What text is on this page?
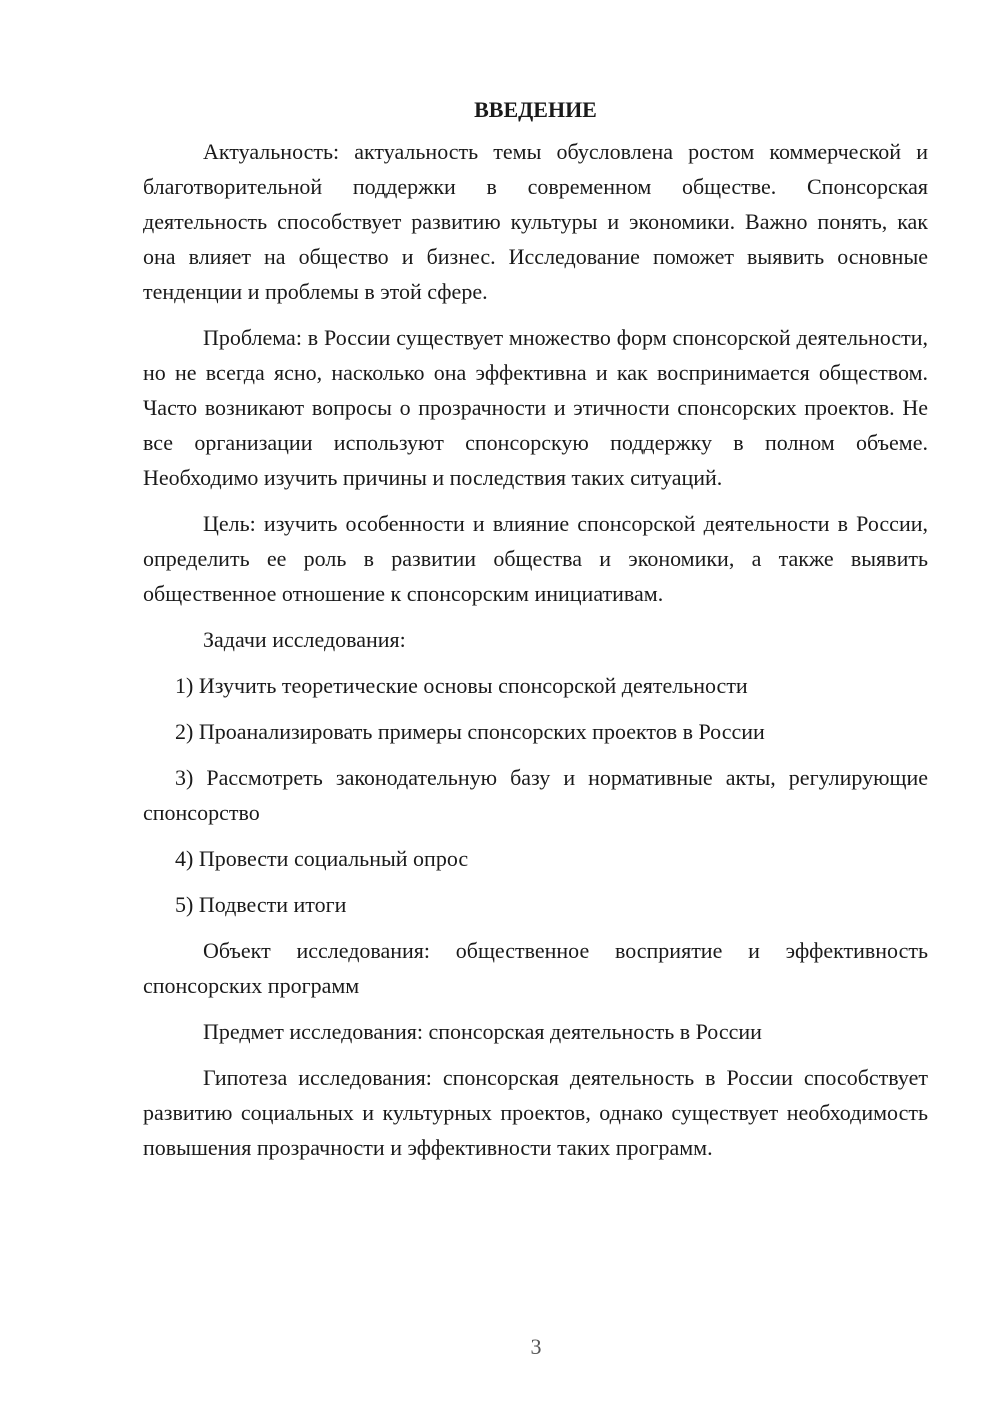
ВВЕДЕНИЕ

Актуальность: актуальность темы обусловлена ростом коммерческой и благотворительной поддержки в современном обществе. Спонсорская деятельность способствует развитию культуры и экономики. Важно понять, как она влияет на общество и бизнес. Исследование поможет выявить основные тенденции и проблемы в этой сфере.

Проблема: в России существует множество форм спонсорской деятельности, но не всегда ясно, насколько она эффективна и как воспринимается обществом. Часто возникают вопросы о прозрачности и этичности спонсорских проектов. Не все организации используют спонсорскую поддержку в полном объеме. Необходимо изучить причины и последствия таких ситуаций.

Цель: изучить особенности и влияние спонсорской деятельности в России, определить ее роль в развитии общества и экономики, а также выявить общественное отношение к спонсорским инициативам.

Задачи исследования:

1) Изучить теоретические основы спонсорской деятельности

2) Проанализировать примеры спонсорских проектов в России

3) Рассмотреть законодательную базу и нормативные акты, регулирующие спонсорство

4) Провести социальный опрос

5) Подвести итоги

Объект исследования: общественное восприятие и эффективность спонсорских программ

Предмет исследования: спонсорская деятельность в России

Гипотеза исследования: спонсорская деятельность в России способствует развитию социальных и культурных проектов, однако существует необходимость повышения прозрачности и эффективности таких программ.

3
